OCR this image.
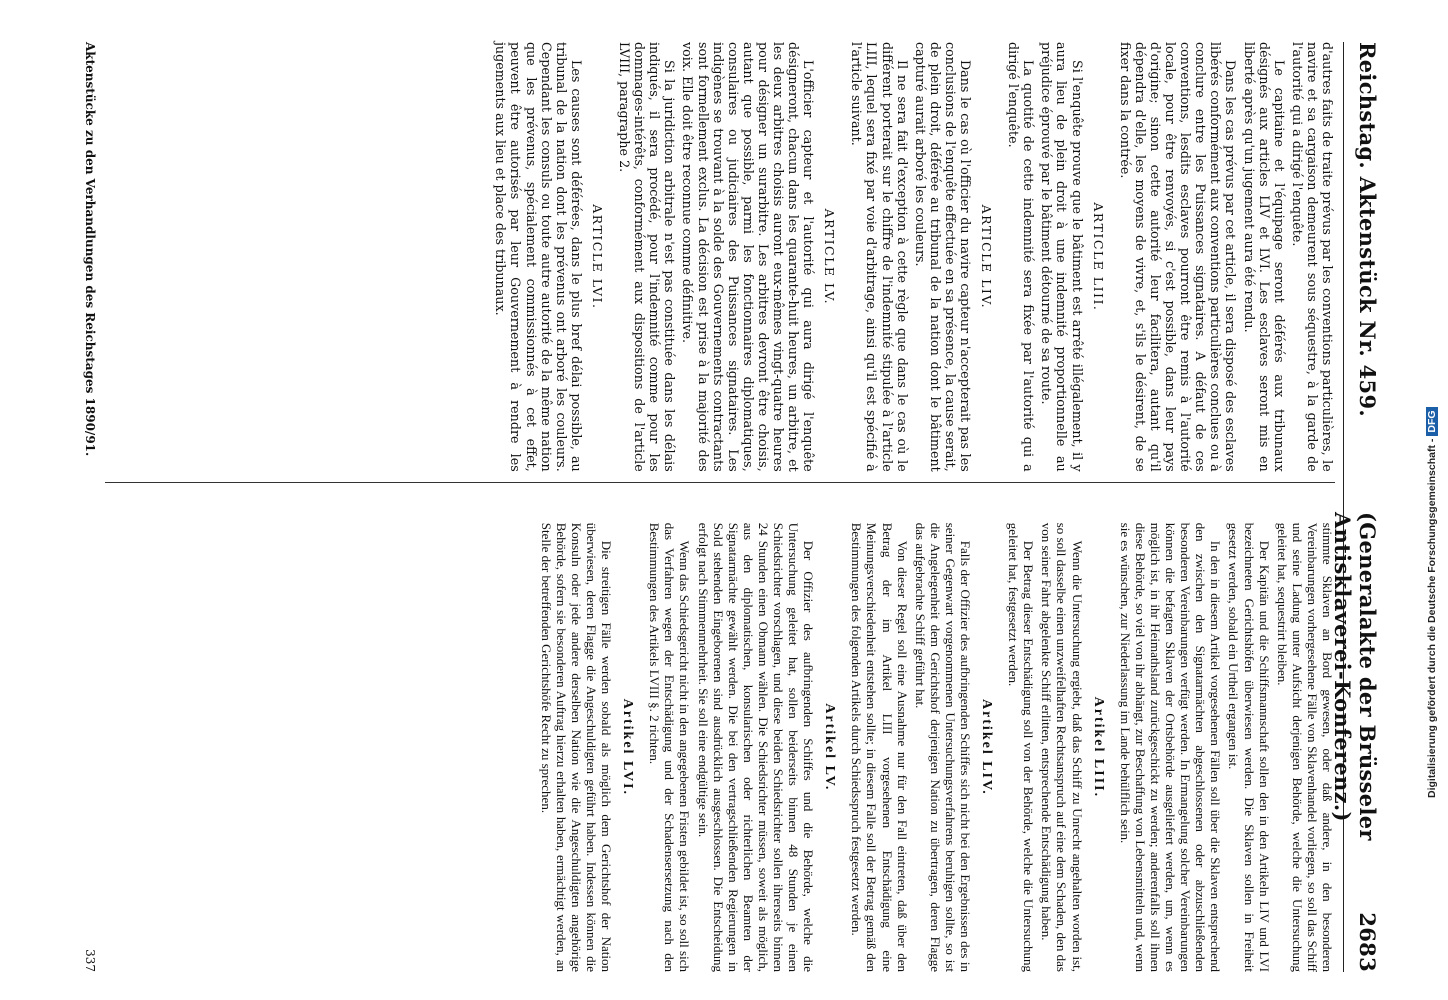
Reichstag. Aktenstück Nr. 459.
(Generalakte der Brüsseler Antisklaverei-Konferenz.)
2683

d'autres faits de traite prévus par les conventions particulières, le navire et sa cargaison demeurent sous séquestre, à la garde de l'autorité qui a dirigé l'enquête.

Le capitaine et l'équipage seront déférés aux tribunaux désignés aux articles LIV et LVI. Les esclaves seront mis en liberté après qu'un jugement aura été rendu.

Dans les cas prévus par cet article, il sera disposé des esclaves libérés conformément aux conventions particulières conclues ou à conclure entre les Puissances signataires. A défaut de ces conventions, lesdits esclaves pourront être remis à l'autorité locale, pour être renvoyés, si c'est possible, dans leur pays d'origine; sinon cette autorité leur facilitera, autant qu'il dépendra d'elle, les moyens de vivre, et, s'ils le désirent, de se fixer dans la contrée.

ARTICLE LIII.

Si l'enquête prouve que le bâtiment est arrêté illégalement, il y aura lieu de plein droit à une indemnité proportionnelle au préjudice éprouvé par le bâtiment détourné de sa route.

La quotité de cette indemnité sera fixée par l'autorité qui a dirigé l'enquête.

ARTICLE LIV.

Dans le cas où l'officier du navire capteur n'accepterait pas les conclusions de l'enquête effectuée en sa présence, la cause serait, de plein droit, déférée au tribunal de la nation dont le bâtiment capturé aurait arboré les couleurs.

Il ne sera fait d'exception à cette règle que dans le cas où le différent porterait sur le chiffre de l'indemnité stipulée à l'article LIII, lequel sera fixé par voie d'arbitrage, ainsi qu'il est spécifié à l'article suivant.

ARTICLE LV.

L'officier capteur et l'autorité qui aura dirigé l'enquête désigneront, chacun dans les quarante-huit heures, un arbitre, et les deux arbitres choisis auront eux-mêmes vingt-quatre heures pour désigner un surarbitre. Les arbitres devront être choisis, autant que possible, parmi les fonctionnaires diplomatiques, consulaires ou judiciaires des Puissances signataires. Les indigènes se trouvant à la solde des Gouvernements contractants sont formellement exclus. La décision est prise à la majorité des voix. Elle doit être reconnue comme définitive.

Si la juridiction arbitrale n'est pas constituée dans les délais indiqués, il sera procédé, pour l'indemnité comme pour les dommages-intérêts, conformément aux dispositions de l'article LVIII, paragraphe 2.

ARTICLE LVI.

Les causes sont déférées, dans le plus bref délai possible, au tribunal de la nation dont les prévenus ont arboré les couleurs. Cependant les consuls ou toute autre autorité de la même nation que les prévenus, spécialement commissionnés à cet effet, peuvent être autorisés par leur Gouvernement à rendre les jugements aux lieu et place des tribunaux.

stimmte Sklaven an Bord gewesen, oder daß andere, in den besonderen Vereinbarungen vorhergesehene Fälle von Sklavenhandel vorliegen, so soll das Schiff und seine Ladung unter Aufsicht derjenigen Behörde, welche die Untersuchung geleitet hat, sequestrirt bleiben.

Der Kapitän und die Schiffsmannschaft sollen den in den Artikeln LIV und LVI bezeichneten Gerichtshöfen überwiesen werden. Die Sklaven sollen in Freiheit gesetzt werden, sobald ein Urtheil ergangen ist.

In den in diesem Artikel vorgesehenen Fällen soll über die Sklaven entsprechend den zwischen den Signatarmächten abgeschlossenen oder abzuschließenden besonderen Vereinbarungen verfügt werden. In Ermangelung solcher Vereinbarungen können die befagten Sklaven der Ortsbehörde ausgeliefert werden, um, wenn es möglich ist, in ihr Heimathsland zurückgeschickt zu werden; anderenfalls soll ihnen diese Behörde, so viel von ihr abhängt, zur Beschaffung von Lebensmitteln und, wenn sie es wünschen, zur Niederlassung im Lande behülflich sein.

Artikel LIII.

Wenn die Untersuchung ergiebt, daß das Schiff zu Unrecht angehalten worden ist, so soll dasselbe einen unzweifelhaften Rechtsanspruch auf eine dem Schaden, den das von seiner Fahrt abgelenkte Schiff erlitten, entsprechende Entschädigung haben.

Der Betrag dieser Entschädigung soll von der Behörde, welche die Untersuchung geleitet hat, festgesetzt werden.

Artikel LIV.

Falls der Offizier des aufbringenden Schiffes sich nicht bei den Ergebnissen des in seiner Gegenwart vorgenommenen Untersuchungsverfahrens beruhigen sollte, so ist die Angelegenheit dem Gerichtshof derjenigen Nation zu übertragen, deren Flagge das aufgebrachte Schiff geführt hat.

Von dieser Regel soll eine Ausnahme nur für den Fall eintreten, daß über den Betrag der im Artikel LIII vorgesehenen Entschädigung eine Meinungsverschiedenheit entstehen sollte; in diesem Falle soll der Betrag gemäß den Bestimmungen des folgenden Artikels durch Schiedsspruch festgesetzt werden.

Artikel LV.

Der Offizier des aufbringenden Schiffes und die Behörde, welche die Untersuchung geleitet hat, sollen beiderseits binnen 48 Stunden je einen Schiedsrichter vorschlagen, und diese beiden Schiedsrichter sollen ihrerseits binnen 24 Stunden einen Obmann wählen. Die Schiedsrichter müssen, soweit als möglich, aus den diplomatischen, konsularischen oder richterlichen Beamten der Signatarmächte gewählt werden. Die bei den vertragschließenden Regierungen in Sold stehenden Eingeborenen sind ausdrücklich ausgeschlossen. Die Entscheidung erfolgt nach Stimmenmehrheit. Sie soll eine endgültige sein.

Wenn das Schiedsgericht nicht in den angegebenen Fristen gebildet ist, so soll sich das Verfahren wegen der Entschädigung und der Schadensersetzung nach den Bestimmungen des Artikels LVIII §. 2 richten.

Artikel LVI.

Die streitigen Fälle werden sobald als möglich dem Gerichtshof der Nation überwiesen, deren Flagge die Angeschuldigten geführt haben. Indessen können die Konsuln oder jede andere derselben Nation wie die Angeschuldigten angehörige Behörde, sofern sie besonderen Auftrag hierzu erhalten haben, ermächtigt werden, an Stelle der betreffenden Gerichtshöfe Recht zu sprechen.

Aktenstücke zu den Verhandlungen des Reichstages 1890/91.
337
Digitalisierung gefördert durch die Deutsche Forschungsgemeinschaft -DFG
